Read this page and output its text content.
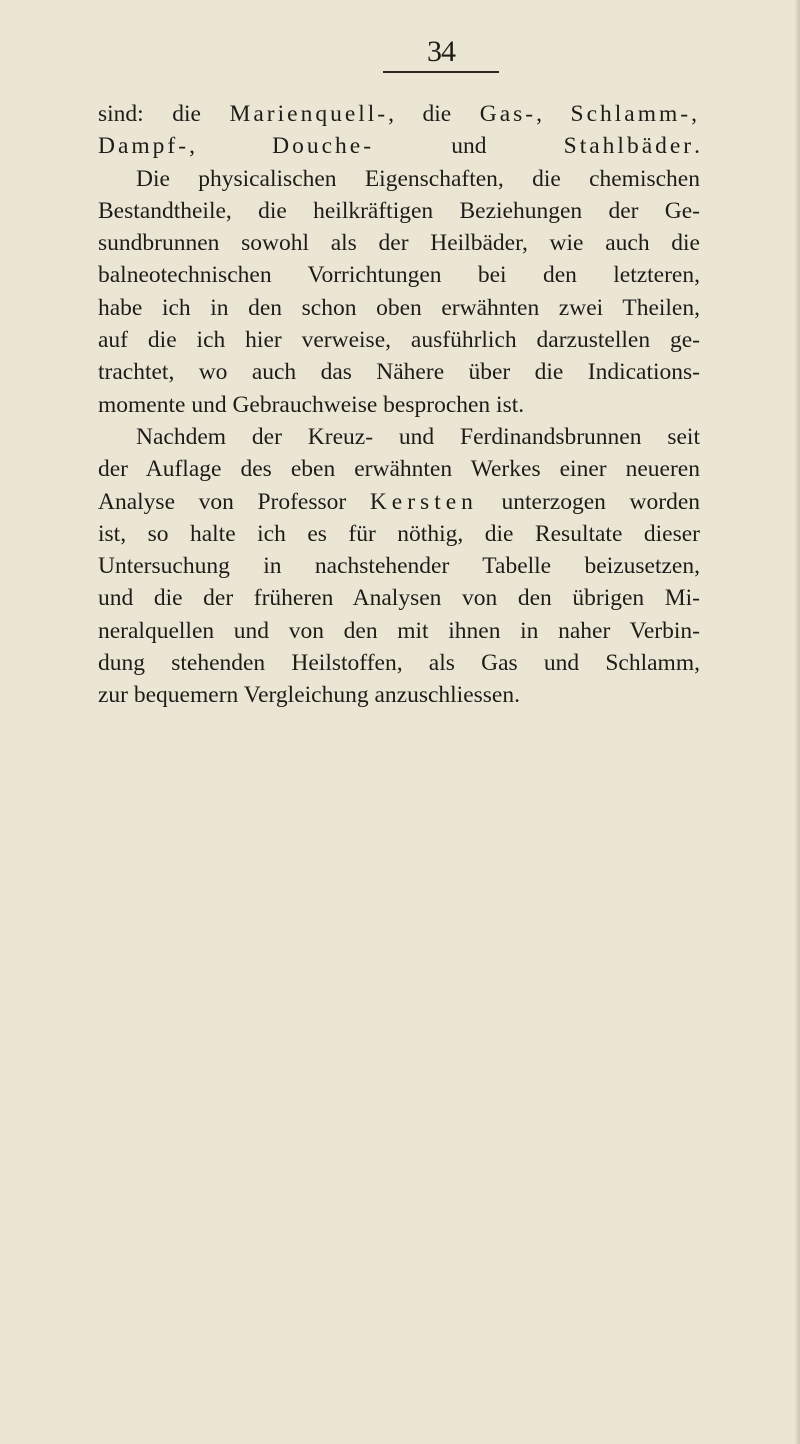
34
sind: die Marienquell-, die Gas-, Schlamm-,
Dampf-, Douche- und Stahlbäder.
Die physicalischen Eigenschaften, die chemischen
Bestandtheile, die heilkräftigen Beziehungen der Ge-
sundbrunnen sowohl als der Heilbäder, wie auch die
balneotechnischen Vorrichtungen bei den letzteren,
habe ich in den schon oben erwähnten zwei Theilen,
auf die ich hier verweise, ausführlich darzustellen ge-
trachtet, wo auch das Nähere über die Indications-
momente und Gebrauchweise besprochen ist.
Nachdem der Kreuz- und Ferdinandsbrunnen seit
der Auflage des eben erwähnten Werkes einer neueren
Analyse von Professor Kersten unterzogen worden
ist, so halte ich es für nöthig, die Resultate dieser
Untersuchung in nachstehender Tabelle beizusetzen,
und die der früheren Analysen von den übrigen Mi-
neralquellen und von den mit ihnen in naher Verbin-
dung stehenden Heilstoffen, als Gas und Schlamm,
zur bequemern Vergleichung anzuschliessen.
